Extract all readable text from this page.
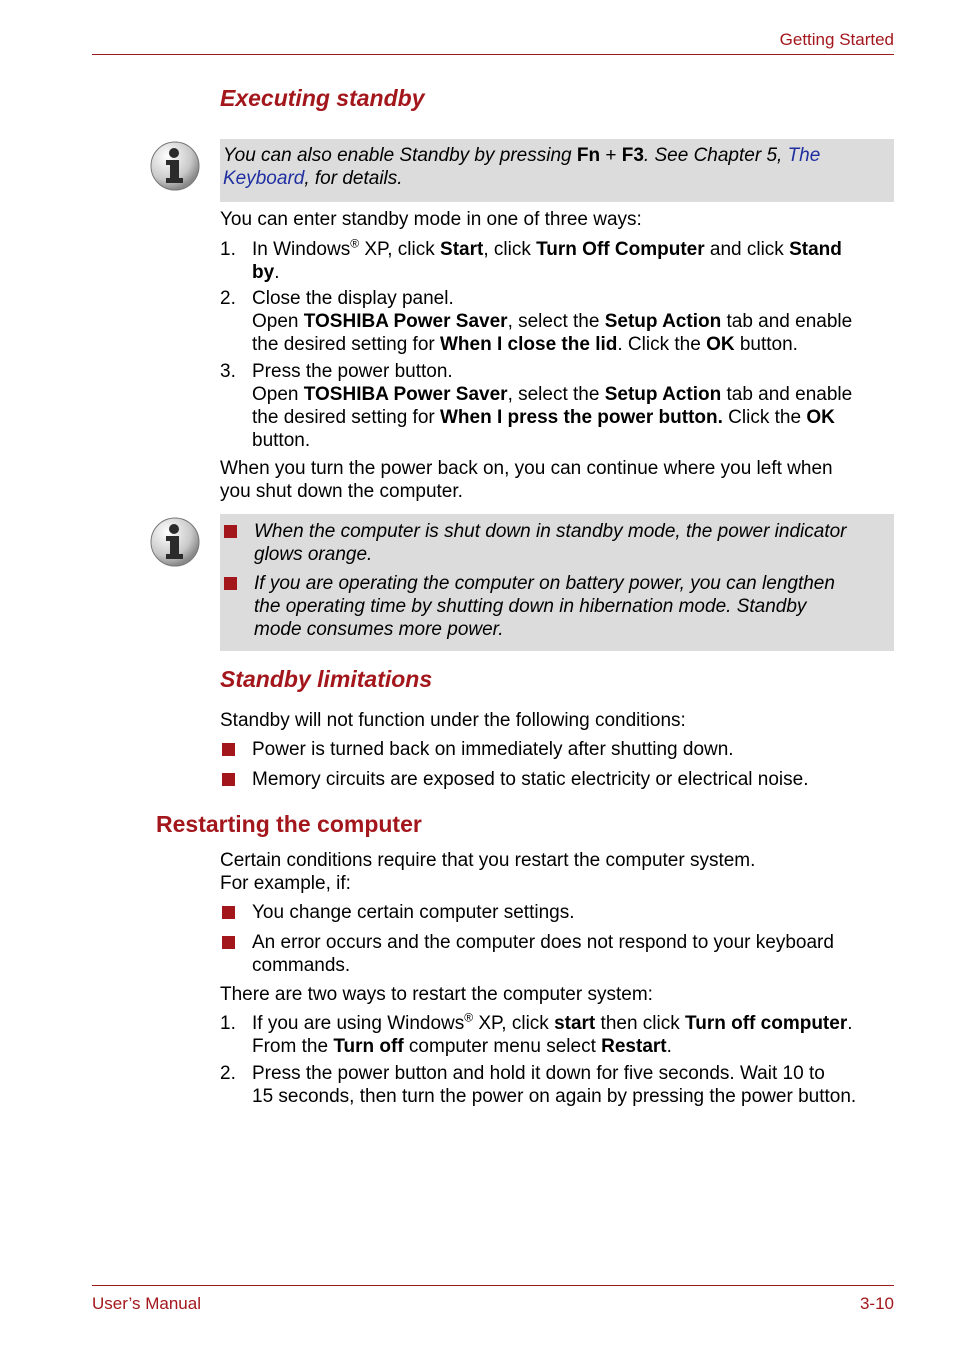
Getting Started
Executing standby
You can also enable Standby by pressing Fn + F3. See Chapter 5, The
Keyboard, for details.
You can enter standby mode in one of three ways:
1. In Windows® XP, click Start, click Turn Off Computer and click Stand
by.
2. Close the display panel.
Open TOSHIBA Power Saver, select the Setup Action tab and enable
the desired setting for When I close the lid. Click the OK button.
3. Press the power button.
Open TOSHIBA Power Saver, select the Setup Action tab and enable
the desired setting for When I press the power button. Click the OK
button.
When you turn the power back on, you can continue where you left when
you shut down the computer.
When the computer is shut down in standby mode, the power indicator
glows orange.
If you are operating the computer on battery power, you can lengthen
the operating time by shutting down in hibernation mode. Standby
mode consumes more power.
Standby limitations
Standby will not function under the following conditions:
Power is turned back on immediately after shutting down.
Memory circuits are exposed to static electricity or electrical noise.
Restarting the computer
Certain conditions require that you restart the computer system.
For example, if:
You change certain computer settings.
An error occurs and the computer does not respond to your keyboard
commands.
There are two ways to restart the computer system:
1. If you are using Windows® XP, click start then click Turn off computer.
From the Turn off computer menu select Restart.
2. Press the power button and hold it down for five seconds. Wait 10 to
15 seconds, then turn the power on again by pressing the power button.
User’s Manual	3-10
